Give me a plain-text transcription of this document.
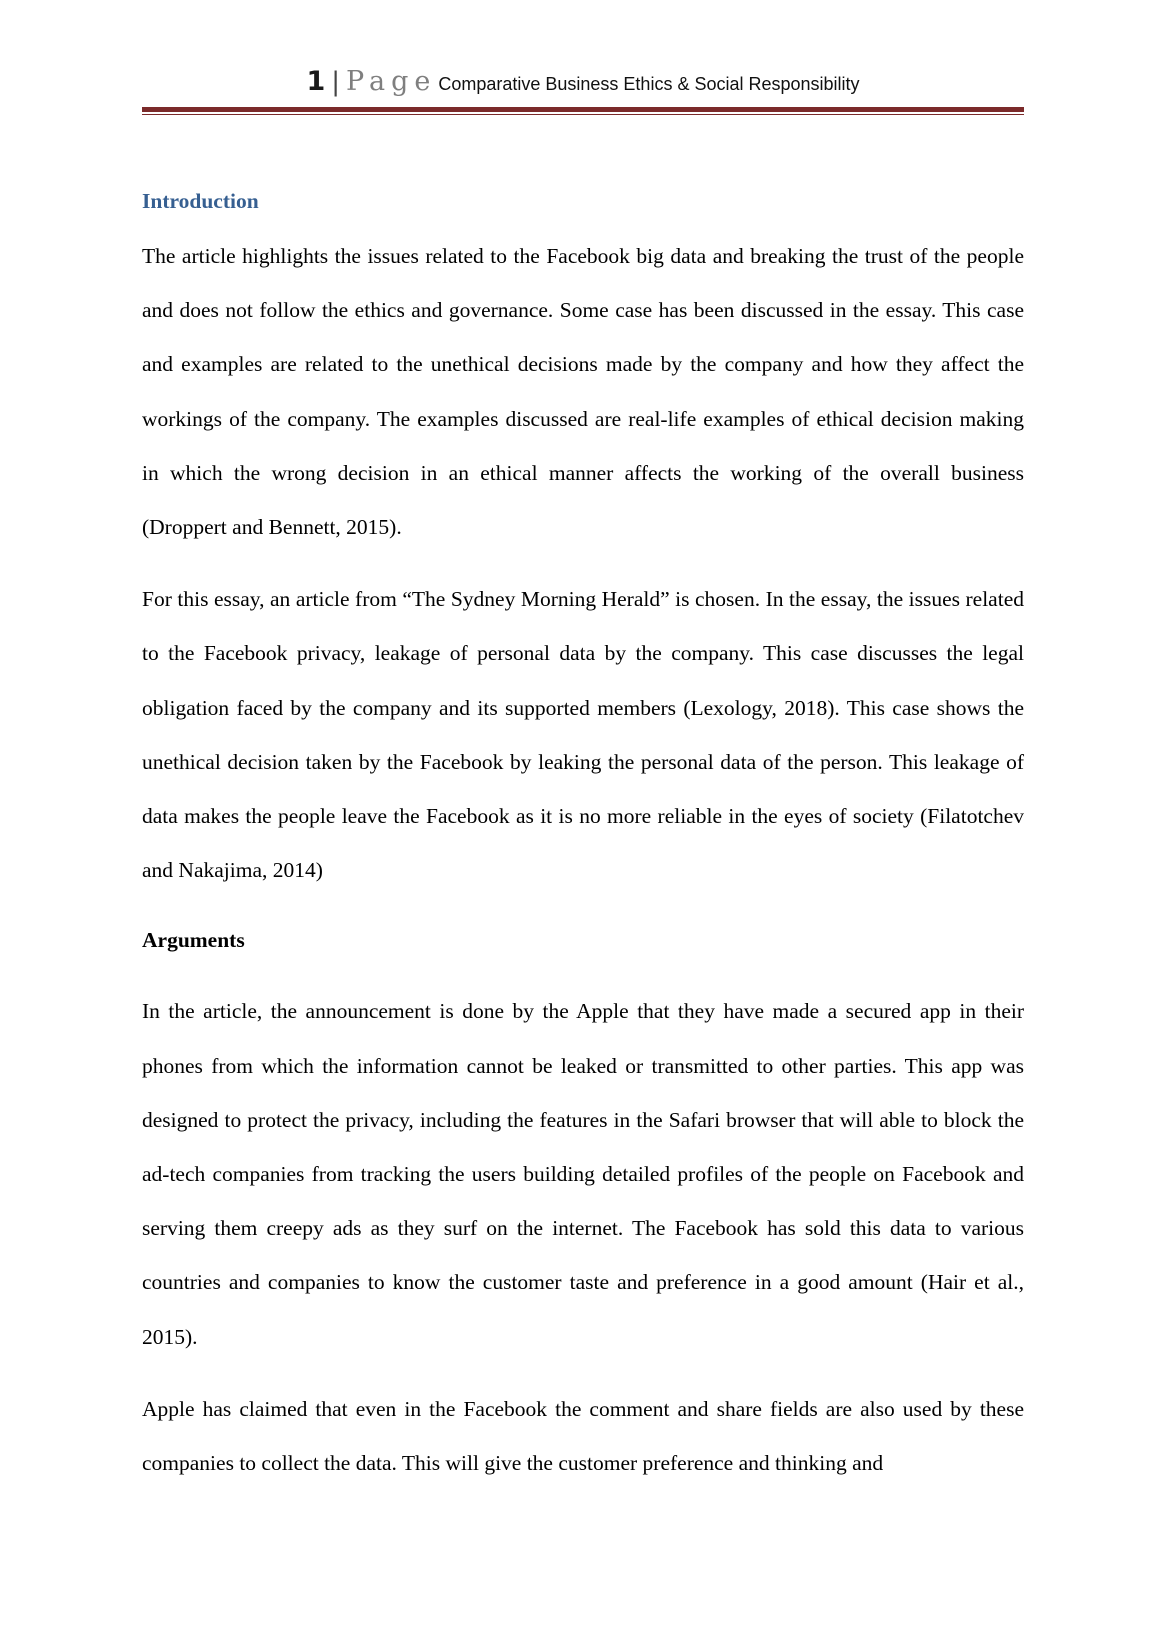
1 | Page Comparative Business Ethics & Social Responsibility
Introduction

The article highlights the issues related to the Facebook big data and breaking the trust of the people and does not follow the ethics and governance. Some case has been discussed in the essay. This case and examples are related to the unethical decisions made by the company and how they affect the workings of the company. The examples discussed are real-life examples of ethical decision making in which the wrong decision in an ethical manner affects the working of the overall business (Droppert and Bennett, 2015).

For this essay, an article from “The Sydney Morning Herald” is chosen. In the essay, the issues related to the Facebook privacy, leakage of personal data by the company. This case discusses the legal obligation faced by the company and its supported members (Lexology, 2018). This case shows the unethical decision taken by the Facebook by leaking the personal data of the person. This leakage of data makes the people leave the Facebook as it is no more reliable in the eyes of society (Filatotchev and Nakajima, 2014)

Arguments

In the article, the announcement is done by the Apple that they have made a secured app in their phones from which the information cannot be leaked or transmitted to other parties. This app was designed to protect the privacy, including the features in the Safari browser that will able to block the ad-tech companies from tracking the users building detailed profiles of the people on Facebook and serving them creepy ads as they surf on the internet. The Facebook has sold this data to various countries and companies to know the customer taste and preference in a good amount (Hair et al., 2015).

Apple has claimed that even in the Facebook the comment and share fields are also used by these companies to collect the data. This will give the customer preference and thinking and
